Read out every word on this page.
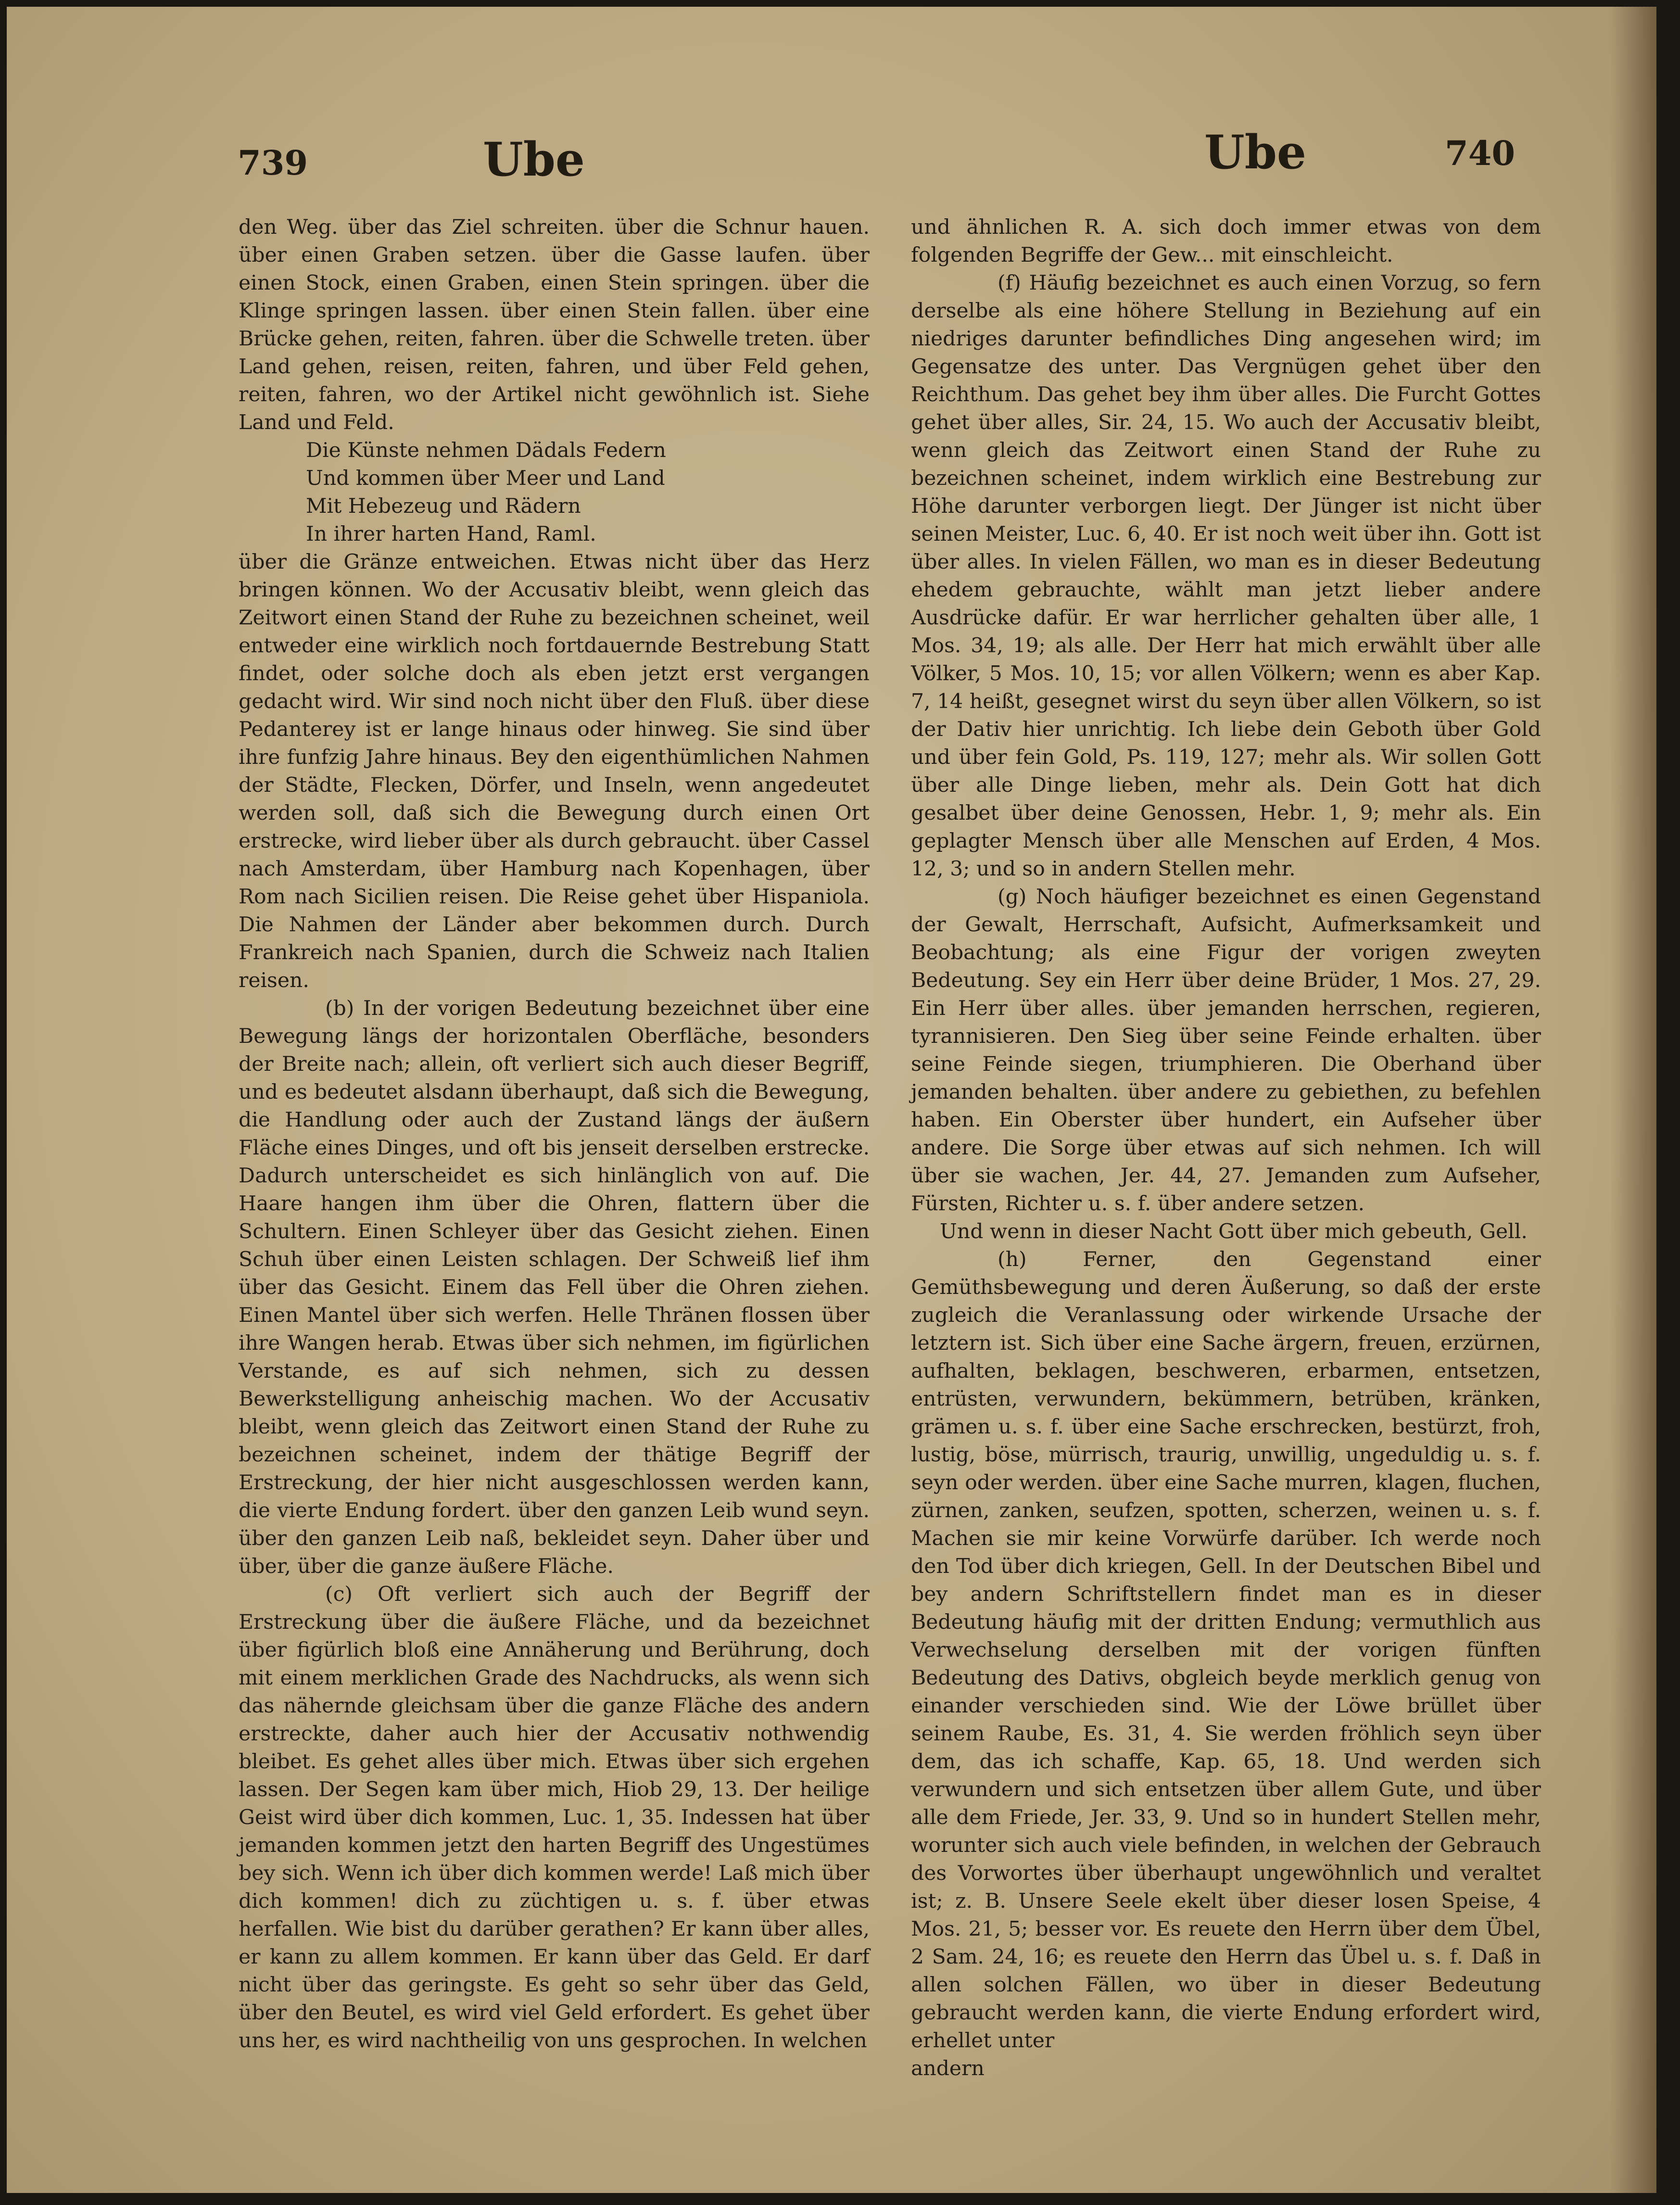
739	Ube	Ube	740

den Weg. über das Ziel schreiten. über die Schnur hauen. über einen Graben setzen. über die Gasse laufen. über einen Stock, einen Graben, einen Stein springen. über die Klinge springen lassen. über einen Stein fallen. über eine Brücke gehen, reiten, fahren. über die Schwelle treten. über Land gehen, reisen, reiten, fahren, und über Feld gehen, reiten, fahren, wo der Artikel nicht gewöhnlich ist. Siehe Land und Feld.

Die Künste nehmen Dädals Federn

Und kommen über Meer und Land

Mit Hebezeug und Rädern

In ihrer harten Hand, Raml.

über die Gränze entweichen. Etwas nicht über das Herz bringen können. Wo der Accusativ bleibt, wenn gleich das Zeitwort einen Stand der Ruhe zu bezeichnen scheinet, weil entweder eine wirklich noch fortdauernde Bestrebung Statt findet, oder solche doch als eben jetzt erst vergangen gedacht wird. Wir sind noch nicht über den Fluß. über diese Pedanterey ist er lange hinaus oder hinweg. Sie sind über ihre funfzig Jahre hinaus. Bey den eigenthümlichen Nahmen der Städte, Flecken, Dörfer, und Inseln, wenn angedeutet werden soll, daß sich die Bewegung durch einen Ort erstrecke, wird lieber über als durch gebraucht. über Cassel nach Amsterdam, über Hamburg nach Kopenhagen, über Rom nach Sicilien reisen. Die Reise gehet über Hispaniola. Die Nahmen der Länder aber bekommen durch. Durch Frankreich nach Spanien, durch die Schweiz nach Italien reisen.

(b) In der vorigen Bedeutung bezeichnet über eine Bewegung längs der horizontalen Oberfläche, besonders der Breite nach; allein, oft verliert sich auch dieser Begriff, und es bedeutet alsdann überhaupt, daß sich die Bewegung, die Handlung oder auch der Zustand längs der äußern Fläche eines Dinges, und oft bis jenseit derselben erstrecke. Dadurch unterscheidet es sich hinlänglich von auf. Die Haare hangen ihm über die Ohren, flattern über die Schultern. Einen Schleyer über das Gesicht ziehen. Einen Schuh über einen Leisten schlagen. Der Schweiß lief ihm über das Gesicht. Einem das Fell über die Ohren ziehen. Einen Mantel über sich werfen. Helle Thränen flossen über ihre Wangen herab. Etwas über sich nehmen, im figürlichen Verstande, es auf sich nehmen, sich zu dessen Bewerkstelligung anheischig machen. Wo der Accusativ bleibt, wenn gleich das Zeitwort einen Stand der Ruhe zu bezeichnen scheinet, indem der thätige Begriff der Erstreckung, der hier nicht ausgeschlossen werden kann, die vierte Endung fordert. über den ganzen Leib wund seyn. über den ganzen Leib naß, bekleidet seyn. Daher über und über, über die ganze äußere Fläche.

(c) Oft verliert sich auch der Begriff der Erstreckung über die äußere Fläche, und da bezeichnet über figürlich bloß eine Annäherung und Berührung, doch mit einem merklichen Grade des Nachdrucks, als wenn sich das nähernde gleichsam über die ganze Fläche des andern erstreckte, daher auch hier der Accusativ nothwendig bleibet. Es gehet alles über mich. Etwas über sich ergehen lassen. Der Segen kam über mich, Hiob 29, 13. Der heilige Geist wird über dich kommen, Luc. 1, 35. Indessen hat über jemanden kommen jetzt den harten Begriff des Ungestümes bey sich. Wenn ich über dich kommen werde! Laß mich über dich kommen! dich zu züchtigen u. s. f. über etwas herfallen. Wie bist du darüber gerathen? Er kann über alles, er kann zu allem kommen. Er kann über das Geld. Er darf nicht über das geringste. Es geht so sehr über das Geld, über den Beutel, es wird viel Geld erfordert. Es gehet über uns her, es wird nachtheilig von uns gesprochen. In welchen

und ähnlichen R. A. sich doch immer etwas von dem folgenden Begriffe der Gew... mit einschleicht.

(f) Häufig bezeichnet es auch einen Vorzug, so fern derselbe als eine höhere Stellung in Beziehung auf ein niedriges darunter befindliches Ding angesehen wird; im Gegensatze des unter. Das Vergnügen gehet über den Reichthum. Das gehet bey ihm über alles. Die Furcht Gottes gehet über alles, Sir. 24, 15. Wo auch der Accusativ bleibt, wenn gleich das Zeitwort einen Stand der Ruhe zu bezeichnen scheinet, indem wirklich eine Bestrebung zur Höhe darunter verborgen liegt. Der Jünger ist nicht über seinen Meister, Luc. 6, 40. Er ist noch weit über ihn. Gott ist über alles. In vielen Fällen, wo man es in dieser Bedeutung ehedem gebrauchte, wählt man jetzt lieber andere Ausdrücke dafür. Er war herrlicher gehalten über alle, 1 Mos. 34, 19; als alle. Der Herr hat mich erwählt über alle Völker, 5 Mos. 10, 15; vor allen Völkern; wenn es aber Kap. 7, 14 heißt, gesegnet wirst du seyn über allen Völkern, so ist der Dativ hier unrichtig. Ich liebe dein Geboth über Gold und über fein Gold, Ps. 119, 127; mehr als. Wir sollen Gott über alle Dinge lieben, mehr als. Dein Gott hat dich gesalbet über deine Genossen, Hebr. 1, 9; mehr als. Ein geplagter Mensch über alle Menschen auf Erden, 4 Mos. 12, 3; und so in andern Stellen mehr.

(g) Noch häufiger bezeichnet es einen Gegenstand der Gewalt, Herrschaft, Aufsicht, Aufmerksamkeit und Beobachtung; als eine Figur der vorigen zweyten Bedeutung. Sey ein Herr über deine Brüder, 1 Mos. 27, 29. Ein Herr über alles. über jemanden herrschen, regieren, tyrannisieren. Den Sieg über seine Feinde erhalten. über seine Feinde siegen, triumphieren. Die Oberhand über jemanden behalten. über andere zu gebiethen, zu befehlen haben. Ein Oberster über hundert, ein Aufseher über andere. Die Sorge über etwas auf sich nehmen. Ich will über sie wachen, Jer. 44, 27. Jemanden zum Aufseher, Fürsten, Richter u. s. f. über andere setzen.

Und wenn in dieser Nacht Gott über mich gebeuth, Gell.

(h) Ferner, den Gegenstand einer Gemüthsbewegung und deren Äußerung, so daß der erste zugleich die Veranlassung oder wirkende Ursache der letztern ist. Sich über eine Sache ärgern, freuen, erzürnen, aufhalten, beklagen, beschweren, erbarmen, entsetzen, entrüsten, verwundern, bekümmern, betrüben, kränken, grämen u. s. f. über eine Sache erschrecken, bestürzt, froh, lustig, böse, mürrisch, traurig, unwillig, ungeduldig u. s. f. seyn oder werden. über eine Sache murren, klagen, fluchen, zürnen, zanken, seufzen, spotten, scherzen, weinen u. s. f. Machen sie mir keine Vorwürfe darüber. Ich werde noch den Tod über dich kriegen, Gell. In der Deutschen Bibel und bey andern Schriftstellern findet man es in dieser Bedeutung häufig mit der dritten Endung; vermuthlich aus Verwechselung derselben mit der vorigen fünften Bedeutung des Dativs, obgleich beyde merklich genug von einander verschieden sind. Wie der Löwe brüllet über seinem Raube, Es. 31, 4. Sie werden fröhlich seyn über dem, das ich schaffe, Kap. 65, 18. Und werden sich verwundern und sich entsetzen über allem Gute, und über alle dem Friede, Jer. 33, 9. Und so in hundert Stellen mehr, worunter sich auch viele befinden, in welchen der Gebrauch des Vorwortes über überhaupt ungewöhnlich und veraltet ist; z. B. Unsere Seele ekelt über dieser losen Speise, 4 Mos. 21, 5; besser vor. Es reuete den Herrn über dem Übel, 2 Sam. 24, 16; es reuete den Herrn das Übel u. s. f. Daß in allen solchen Fällen, wo über in dieser Bedeutung gebraucht werden kann, die vierte Endung erfordert wird, erhellet unter

andern
